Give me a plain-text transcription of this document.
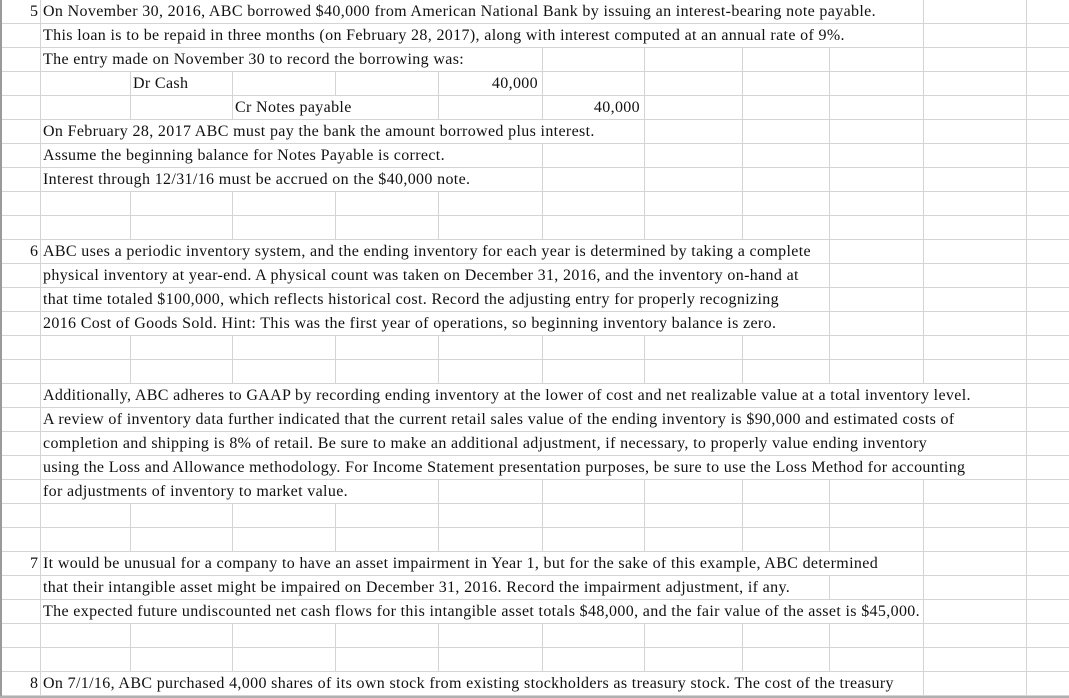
5 On November 30, 2016, ABC borrowed $40,000 from American National Bank by issuing an interest-bearing note payable.
This loan is to be repaid in three months (on February 28, 2017), along with interest computed at an annual rate of 9%.
The entry made on November 30 to record the borrowing was:
Dr Cash	40,000
Cr Notes payable	40,000
On February 28, 2017 ABC must pay the bank the amount borrowed plus interest.
Assume the beginning balance for Notes Payable is correct.
Interest through 12/31/16 must be accrued on the $40,000 note.
6 ABC uses a periodic inventory system, and the ending inventory for each year is determined by taking a complete
physical inventory at year-end. A physical count was taken on December 31, 2016, and the inventory on-hand at
that time totaled $100,000, which reflects historical cost. Record the adjusting entry for properly recognizing
2016 Cost of Goods Sold. Hint: This was the first year of operations, so beginning inventory balance is zero.
Additionally, ABC adheres to GAAP by recording ending inventory at the lower of cost and net realizable value at a total inventory level.
A review of inventory data further indicated that the current retail sales value of the ending inventory is $90,000 and estimated costs of
completion and shipping is 8% of retail. Be sure to make an additional adjustment, if necessary, to properly value ending inventory
using the Loss and Allowance methodology. For Income Statement presentation purposes, be sure to use the Loss Method for accounting
for adjustments of inventory to market value.
7 It would be unusual for a company to have an asset impairment in Year 1, but for the sake of this example, ABC determined
that their intangible asset might be impaired on December 31, 2016. Record the impairment adjustment, if any.
The expected future undiscounted net cash flows for this intangible asset totals $48,000, and the fair value of the asset is $45,000.
8 On 7/1/16, ABC purchased 4,000 shares of its own stock from existing stockholders as treasury stock. The cost of the treasury
